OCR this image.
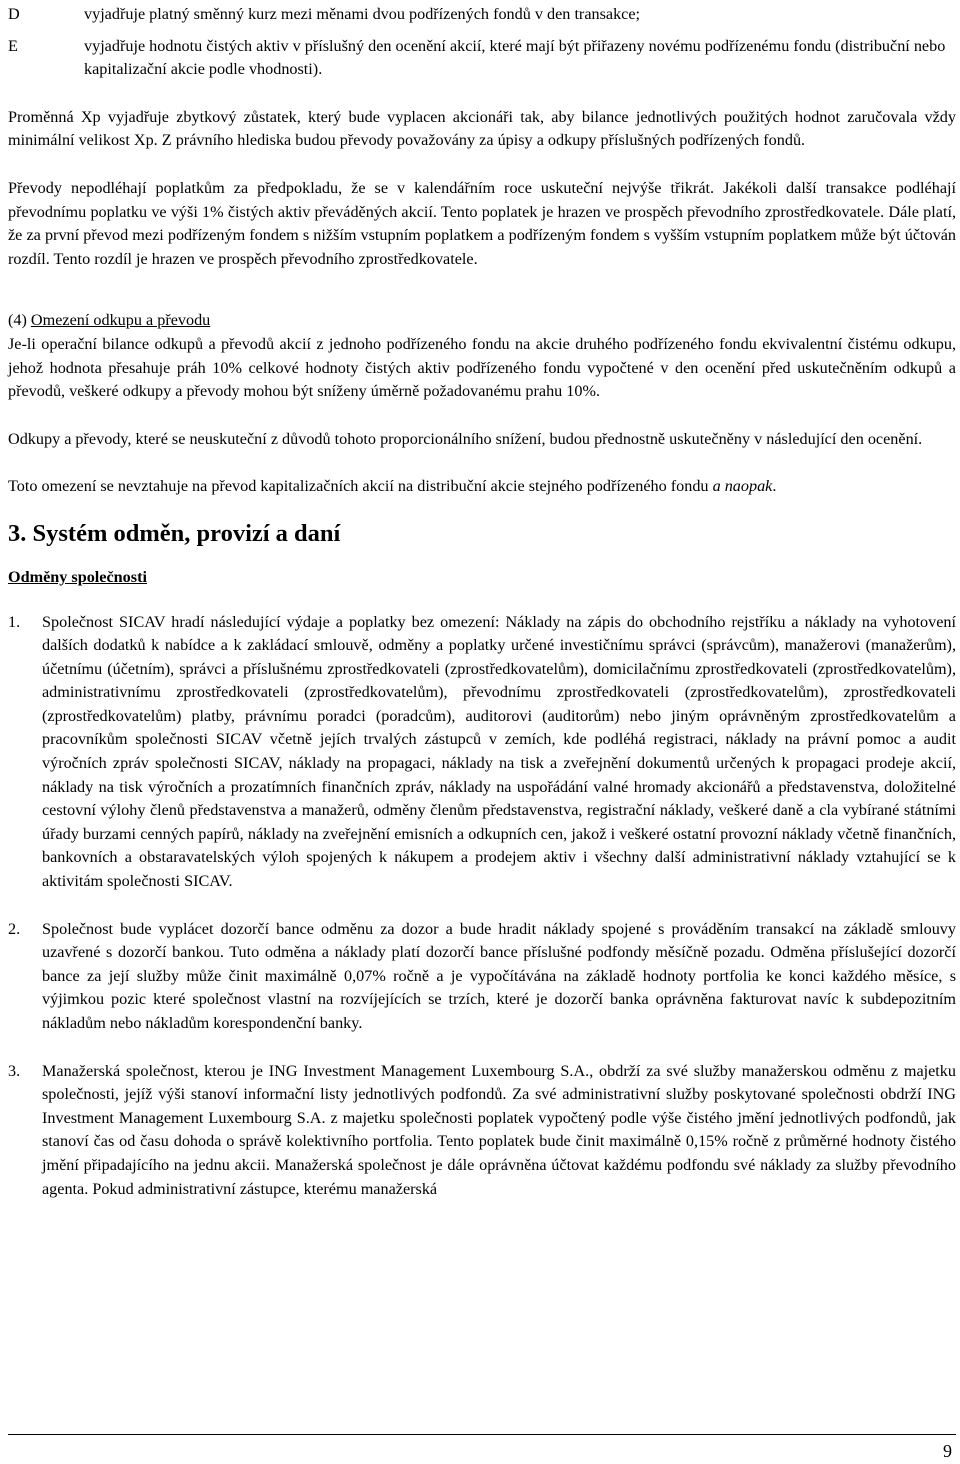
D	vyjadřuje platný směnný kurz mezi měnami dvou podřízených fondů v den transakce;
E	vyjadřuje hodnotu čistých aktiv v příslušný den ocenění akcií, které mají být přiřazeny novému podřízenému fondu (distribuční nebo kapitalizační akcie podle vhodnosti).

Proměnná Xp vyjadřuje zbytkový zůstatek, který bude vyplacen akcionáři tak, aby bilance jednotlivých použitých hodnot zaručovala vždy minimální velikost Xp. Z právního hlediska budou převody považovány za úpisy a odkupy příslušných podřízených fondů.

Převody nepodléhají poplatkům za předpokladu, že se v kalendářním roce uskuteční nejvýše třikrát. Jakékoli další transakce podléhají převodnímu poplatku ve výši 1% čistých aktiv převáděných akcií. Tento poplatek je hrazen ve prospěch převodního zprostředkovatele. Dále platí, že za první převod mezi podřízeným fondem s nižším vstupním poplatkem a podřízeným fondem s vyšším vstupním poplatkem může být účtován rozdíl. Tento rozdíl je hrazen ve prospěch převodního zprostředkovatele.

(4) Omezení odkupu a převodu

Je-li operační bilance odkupů a převodů akcií z jednoho podřízeného fondu na akcie druhého podřízeného fondu ekvivalentní čistému odkupu, jehož hodnota přesahuje práh 10% celkové hodnoty čistých aktiv podřízeného fondu vypočtené v den ocenění před uskutečněním odkupů a převodů, veškeré odkupy a převody mohou být sníženy úměrně požadovanému prahu 10%.

Odkupy a převody, které se neuskuteční z důvodů tohoto proporcionálního snížení, budou přednostně uskutečněny v následující den ocenění.

Toto omezení se nevztahuje na převod kapitalizačních akcií na distribuční akcie stejného podřízeného fondu a naopak.

3. Systém odměn, provizí a daní
Odměny společnosti
1.	Společnost SICAV hradí následující výdaje a poplatky bez omezení: Náklady na zápis do obchodního rejstříku a náklady na vyhotovení dalších dodatků k nabídce a k zakládací smlouvě, odměny a poplatky určené investičnímu správci (správcům), manažerovi (manažerům), účetnímu (účetním), správci a příslušnému zprostředkovateli (zprostředkovatelům), domicilačnímu zprostředkovateli (zprostředkovatelům), administrativnímu zprostředkovateli (zprostředkovatelům), převodnímu zprostředkovateli (zprostředkovatelům), zprostředkovateli (zprostředkovatelům) platby, právnímu poradci (poradcům), auditorovi (auditorům) nebo jiným oprávněným zprostředkovatelům a pracovníkům společnosti SICAV včetně jejích trvalých zástupců v zemích, kde podléhá registraci, náklady na právní pomoc a audit výročních zpráv společnosti SICAV, náklady na propagaci, náklady na tisk a zveřejnění dokumentů určených k propagaci prodeje akcií, náklady na tisk výročních a prozatímních finančních zpráv, náklady na uspořádání valné hromady akcionářů a představenstva, doložitelné cestovní výlohy členů představenstva a manažerů, odměny členům představenstva, registrační náklady, veškeré daně a cla vybírané státními úřady burzami cenných papírů, náklady na zveřejnění emisních a odkupních cen, jakož i veškeré ostatní provozní náklady včetně finančních, bankovních a obstaravatelských výloh spojených k nákupem a prodejem aktiv i všechny další administrativní náklady vztahující se k aktivitám společnosti SICAV.
2.	Společnost bude vyplácet dozorčí bance odměnu za dozor a bude hradit náklady spojené s prováděním transakcí na základě smlouvy uzavřené s dozorčí bankou. Tuto odměna a náklady platí dozorčí bance příslušné podfondy měsíčně pozadu. Odměna příslušející dozorčí bance za její služby může činit maximálně 0,07% ročně a je vypočítávána na základě hodnoty portfolia ke konci každého měsíce, s výjimkou pozic které společnost vlastní na rozvíjejících se trzích, které je dozorčí banka oprávněna fakturovat navíc k subdepozitním nákladům nebo nákladům korespondenční banky.
3.	Manažerská společnost, kterou je ING Investment Management Luxembourg S.A., obdrží za své služby manažerskou odměnu z majetku společnosti, jejíž výši stanoví informační listy jednotlivých podfondů. Za své administrativní služby poskytované společnosti obdrží ING Investment Management Luxembourg S.A. z majetku společnosti poplatek vypočtený podle výše čistého jmění jednotlivých podfondů, jak stanoví čas od času dohoda o správě kolektivního portfolia. Tento poplatek bude činit maximálně 0,15% ročně z průměrné hodnoty čistého jmění připadajícího na jednu akcii. Manažerská společnost je dále oprávněna účtovat každému podfondu své náklady za služby převodního agenta. Pokud administrativní zástupce, kterému manažerská
9
